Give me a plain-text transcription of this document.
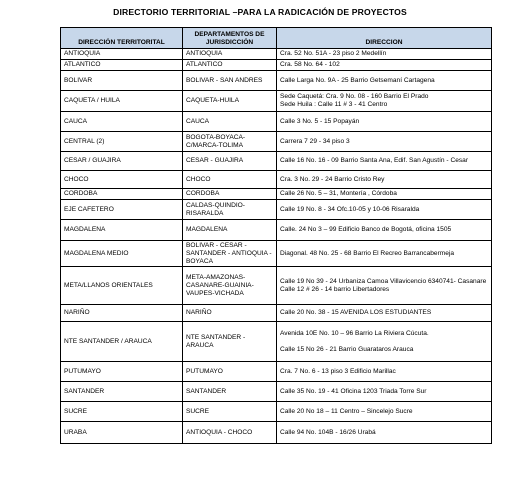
DIRECTORIO TERRITORIAL –PARA LA RADICACIÓN DE PROYECTOS
DIRECCIÓN TERRITORITAL	DEPARTAMENTOS DE JURISDICCIÓN	DIRECCION
ANTIOQUIA	ANTIOQUIA	Cra. 52 No. 51A - 23 piso 2 Medellín
ATLANTICO	ATLANTICO	Cra. 58 No. 64 - 102
BOLIVAR	BOLIVAR - SAN ANDRES	Calle Larga No. 9A - 25 Barrio Getsemaní Cartagena
CAQUETA / HUILA	CAQUETA-HUILA	Sede Caquetá: Cra. 9 No. 08 - 160 Barrio El Prado
Sede Huila : Calle 11 # 3 - 41 Centro
CAUCA	CAUCA	Calle 3 No. 5 - 15 Popayán
CENTRAL (2)	BOGOTA-BOYACA-C/MARCA-TOLIMA	Carrera 7 29 - 34 piso 3
CESAR / GUAJIRA	CESAR - GUAJIRA	Calle 16 No. 16 - 09 Barrio Santa Ana, Edif. San Agustín - Cesar
CHOCO	CHOCO	Cra. 3 No. 29 - 24 Barrio Cristo Rey
CORDOBA	CORDOBA	Calle 26 No. 5 – 31, Montería , Córdoba
EJE CAFETERO	CALDAS-QUINDIO-RISARALDA	Calle 19 No. 8 - 34 Ofc.10-05 y 10-06 Risaralda
MAGDALENA	MAGDALENA	Calle. 24 No 3 – 99 Edificio Banco de Bogotá, oficina 1505
MAGDALENA MEDIO	BOLIVAR - CESAR - SANTANDER - ANTIOQUIA - BOYACA	Diagonal. 48 No. 25 - 68 Barrio El Recreo Barrancabermeja
META/LLANOS ORIENTALES	META-AMAZONAS-CASANARE-GUAINIA-VAUPES-VICHADA	Calle 19 No 39 - 24 Urbaniza Camoa Villavicencio 6340741- Casanare Calle 12 # 26 - 14 barrio Libertadores
NARIÑO	NARIÑO	Calle 20 No. 38 - 15 AVENIDA LOS ESTUDIANTES
NTE SANTANDER / ARAUCA	NTE SANTANDER - ARAUCA	Avenida 10E No. 10 – 96 Barrio La Riviera Cúcuta.

Calle 15 No 26 - 21 Barrio Guarataros Arauca
PUTUMAYO	PUTUMAYO	Cra. 7 No. 6 - 13 piso 3 Edificio Marillac
SANTANDER	SANTANDER	Calle 35 No. 19 - 41 Oficina 1203 Triada Torre Sur
SUCRE	SUCRE	Calle 20 No 18 – 11 Centro – Sincelejo Sucre
URABA	ANTIOQUIA - CHOCO	Calle 94 No. 104B - 16/26 Urabá
